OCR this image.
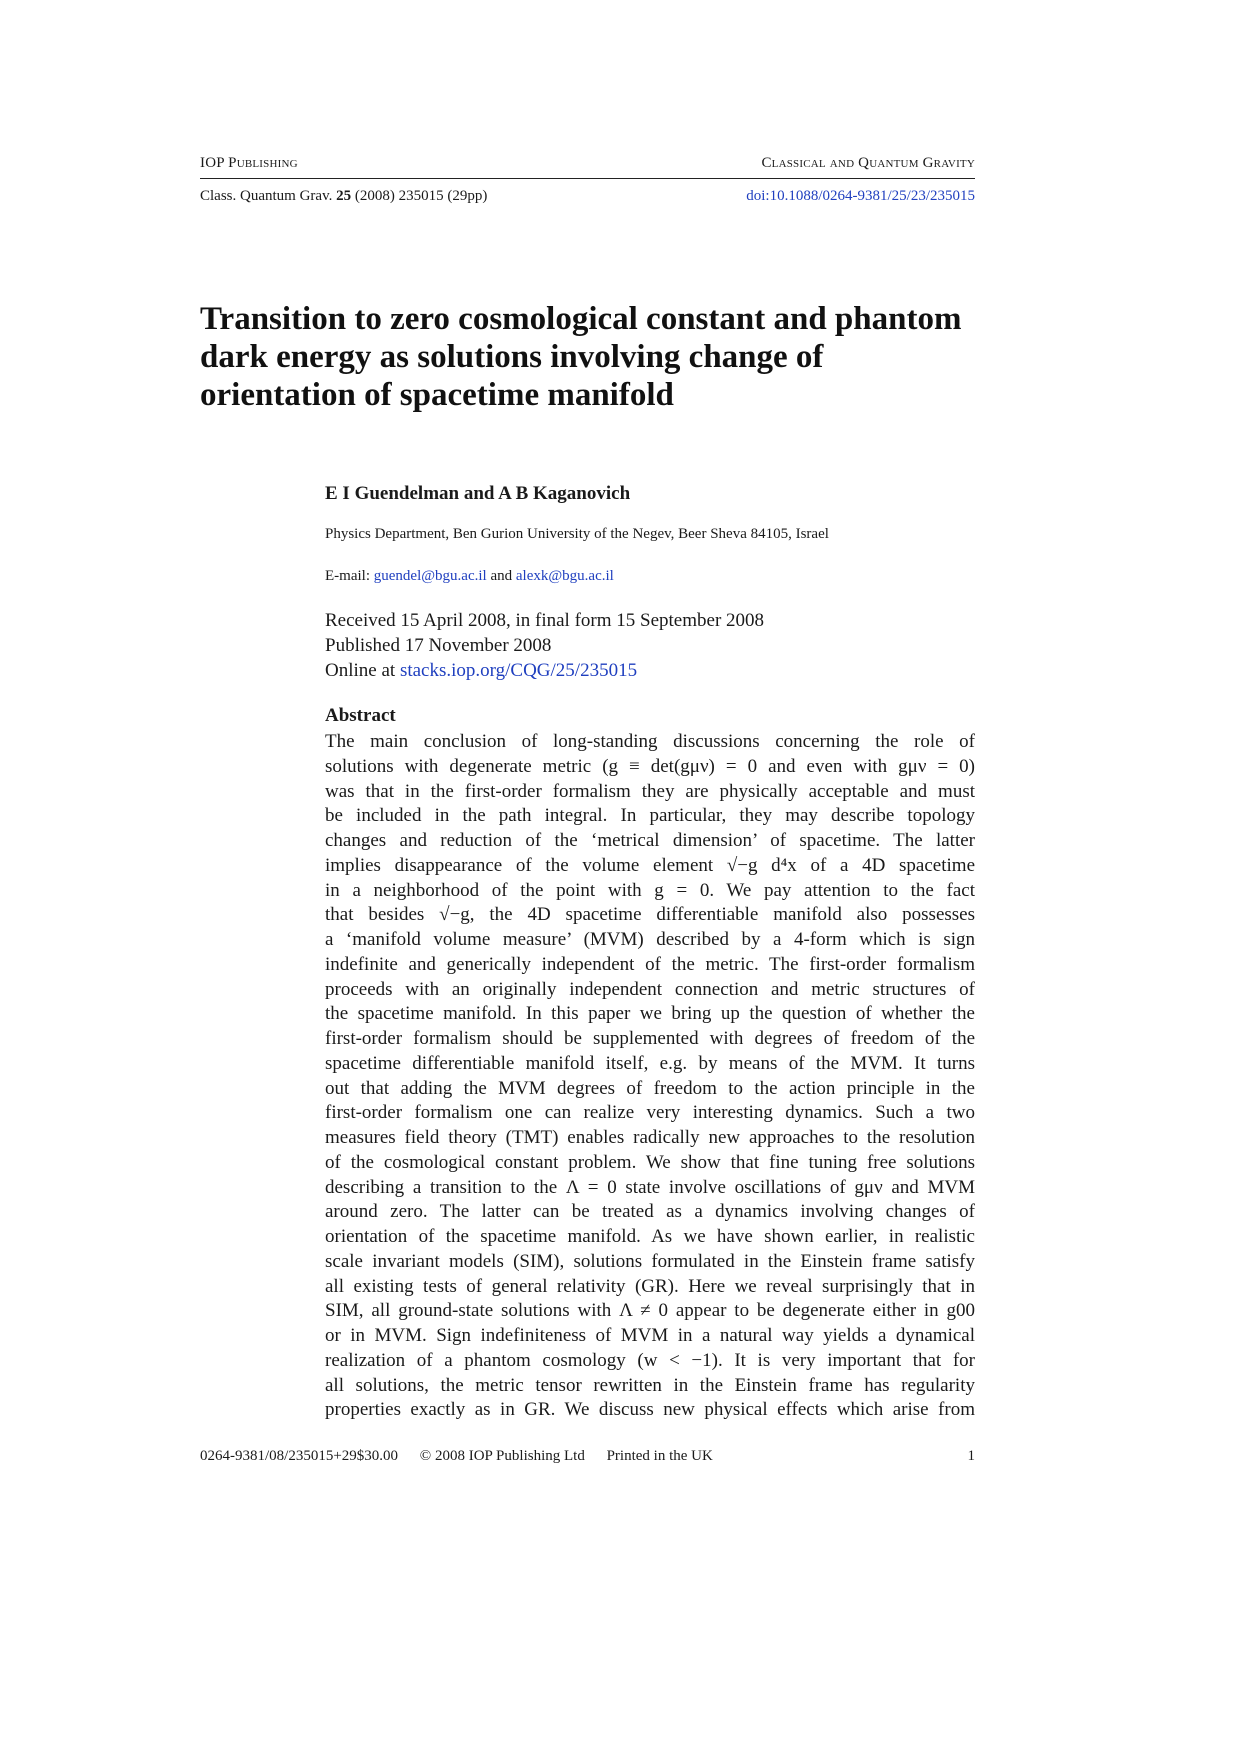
IOP Publishing	Classical and Quantum Gravity
Class. Quantum Grav. 25 (2008) 235015 (29pp)	doi:10.1088/0264-9381/25/23/235015
Transition to zero cosmological constant and phantom
dark energy as solutions involving change of
orientation of spacetime manifold
E I Guendelman and A B Kaganovich
Physics Department, Ben Gurion University of the Negev, Beer Sheva 84105, Israel
E-mail: guendel@bgu.ac.il and alexk@bgu.ac.il
Received 15 April 2008, in final form 15 September 2008
Published 17 November 2008
Online at stacks.iop.org/CQG/25/235015
Abstract
The main conclusion of long-standing discussions concerning the role of
solutions with degenerate metric (g ≡ det(gμν) = 0 and even with gμν = 0)
was that in the first-order formalism they are physically acceptable and must
be included in the path integral. In particular, they may describe topology
changes and reduction of the ‘metrical dimension’ of spacetime. The latter
implies disappearance of the volume element √−g d⁴x of a 4D spacetime
in a neighborhood of the point with g = 0. We pay attention to the fact
that besides √−g, the 4D spacetime differentiable manifold also possesses
a ‘manifold volume measure’ (MVM) described by a 4-form which is sign
indefinite and generically independent of the metric. The first-order formalism
proceeds with an originally independent connection and metric structures of
the spacetime manifold. In this paper we bring up the question of whether the
first-order formalism should be supplemented with degrees of freedom of the
spacetime differentiable manifold itself, e.g. by means of the MVM. It turns
out that adding the MVM degrees of freedom to the action principle in the
first-order formalism one can realize very interesting dynamics. Such a two
measures field theory (TMT) enables radically new approaches to the resolution
of the cosmological constant problem. We show that fine tuning free solutions
describing a transition to the Λ = 0 state involve oscillations of gμν and MVM
around zero. The latter can be treated as a dynamics involving changes of
orientation of the spacetime manifold. As we have shown earlier, in realistic
scale invariant models (SIM), solutions formulated in the Einstein frame satisfy
all existing tests of general relativity (GR). Here we reveal surprisingly that in
SIM, all ground-state solutions with Λ ≠ 0 appear to be degenerate either in g00
or in MVM. Sign indefiniteness of MVM in a natural way yields a dynamical
realization of a phantom cosmology (w < −1). It is very important that for
all solutions, the metric tensor rewritten in the Einstein frame has regularity
properties exactly as in GR. We discuss new physical effects which arise from
0264-9381/08/235015+29$30.00 © 2008 IOP Publishing Ltd Printed in the UK	1
